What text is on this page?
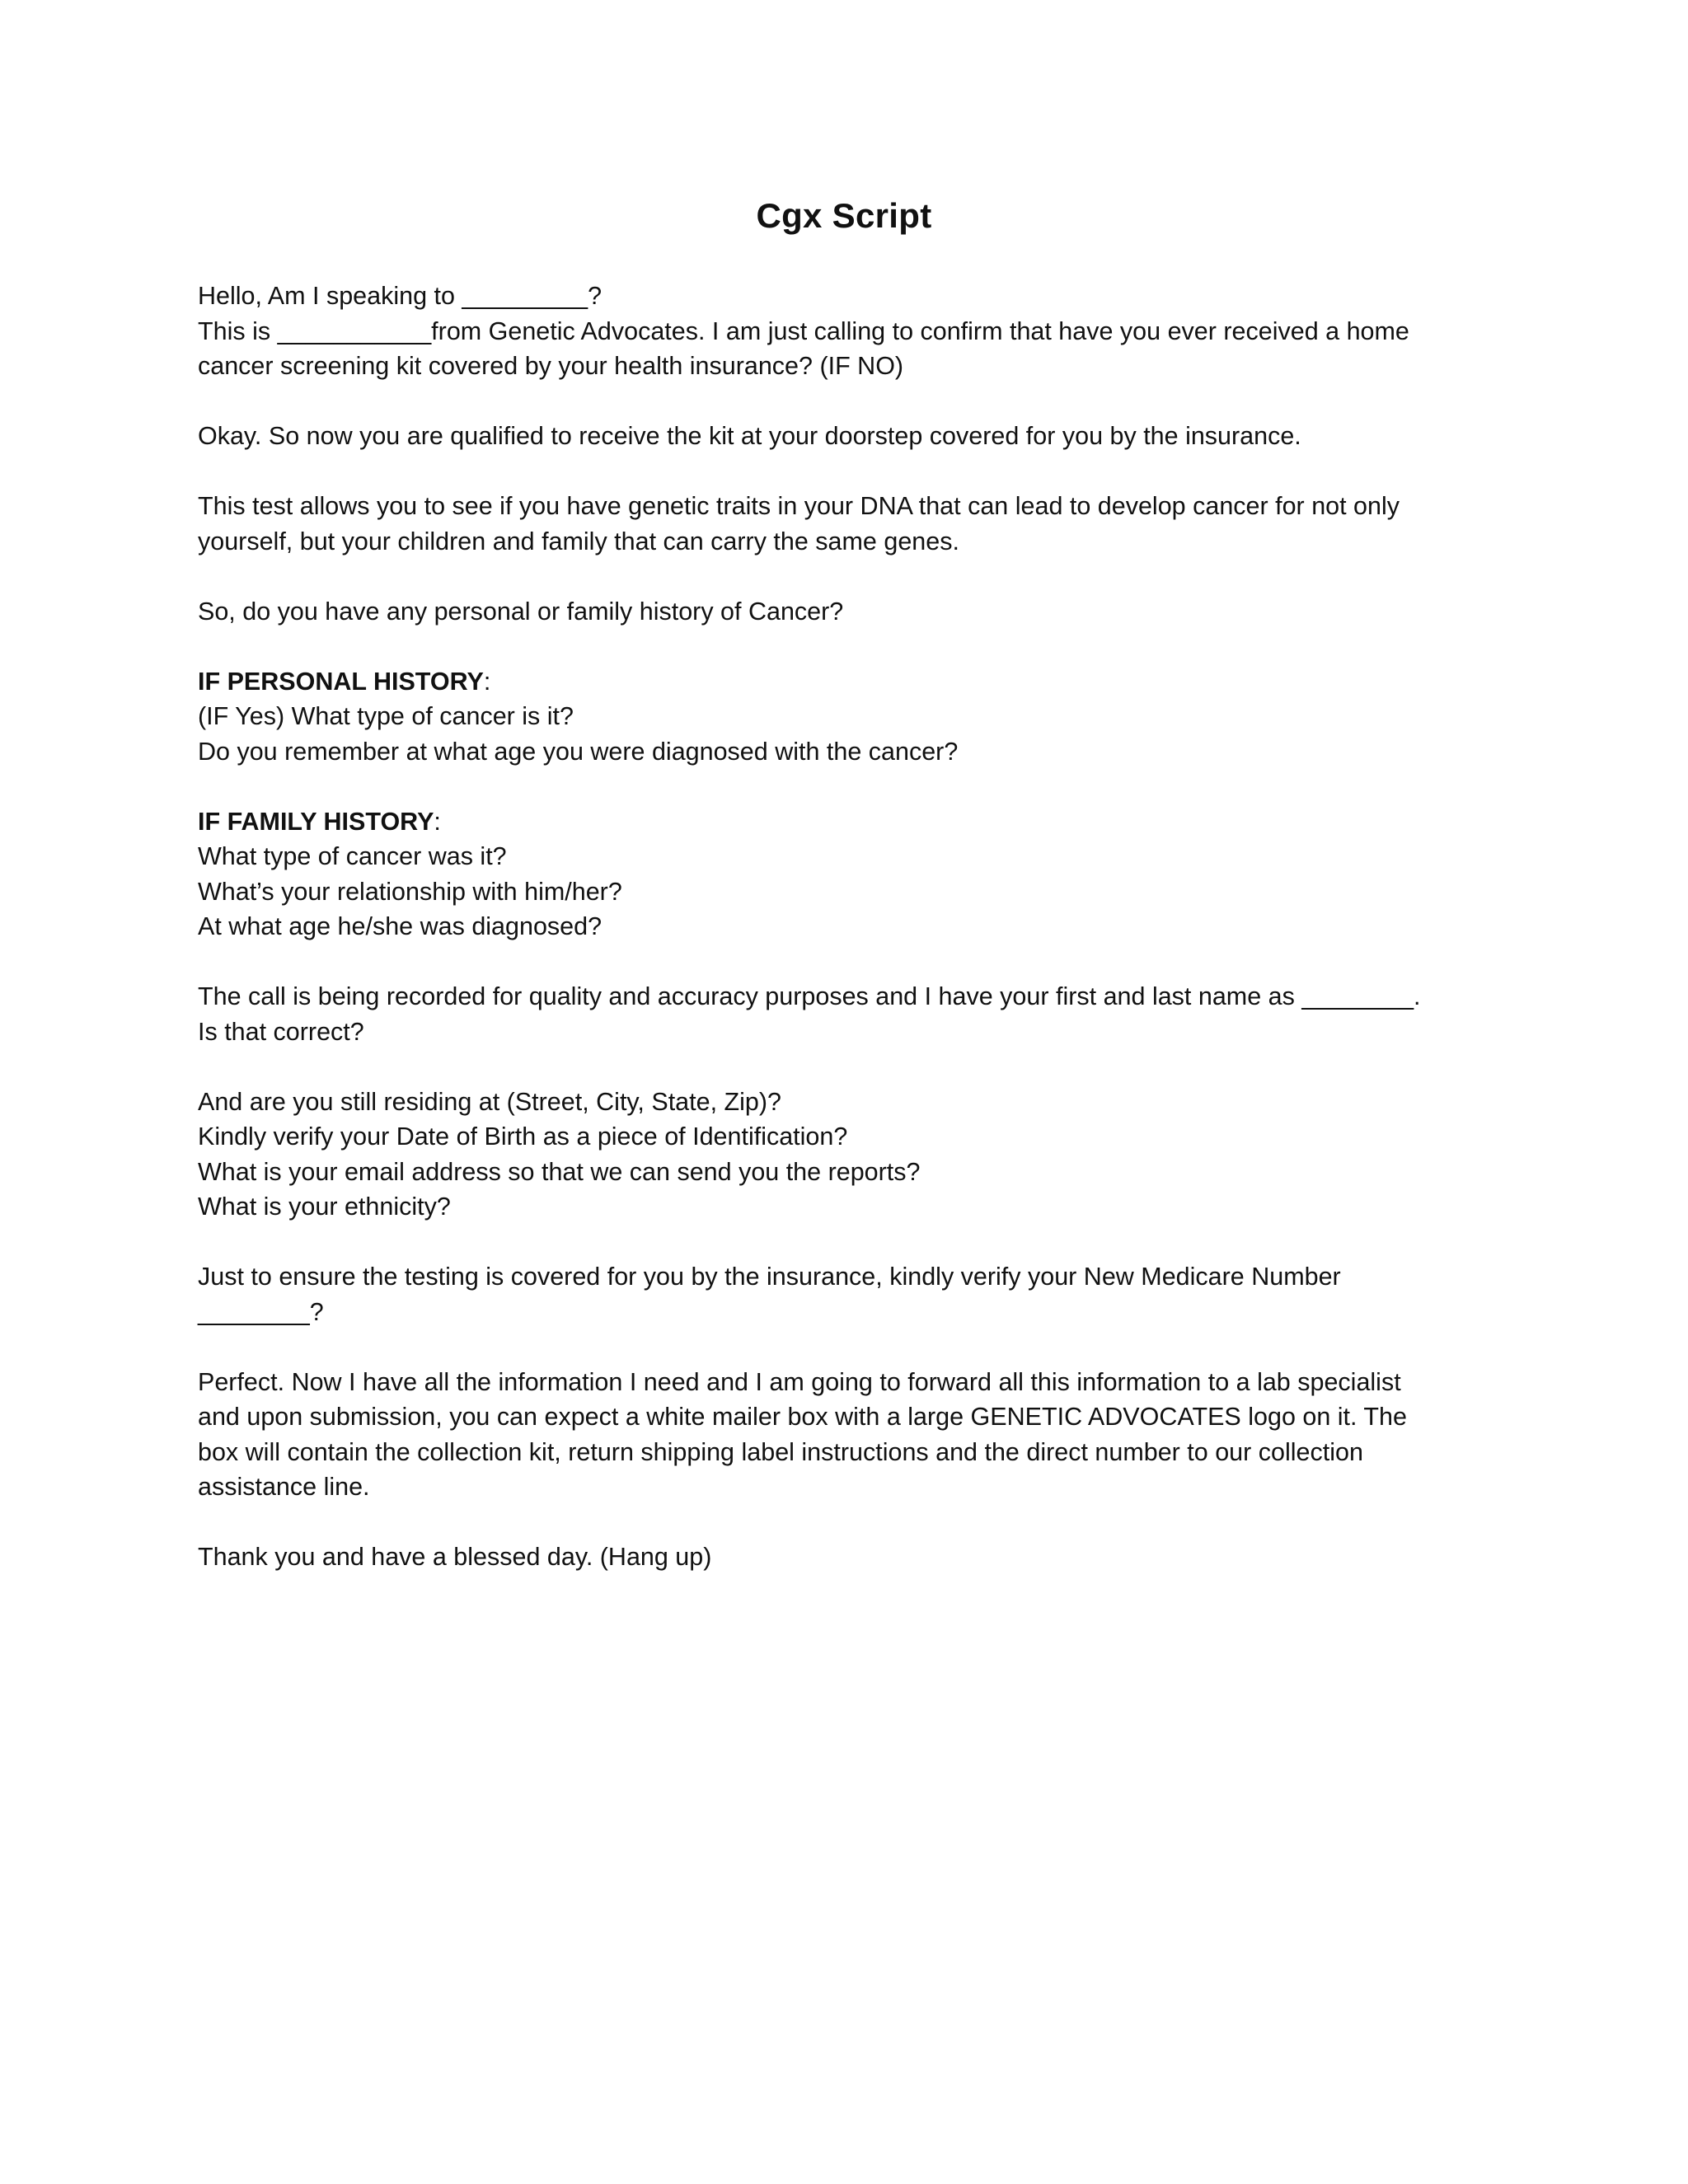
Cgx Script
Hello, Am I speaking to _________?
This is ___________from Genetic Advocates. I am just calling to confirm that have you ever received a home
cancer screening kit covered by your health insurance? (IF NO)
Okay. So now you are qualified to receive the kit at your doorstep covered for you by the insurance.
This test allows you to see if you have genetic traits in your DNA that can lead to develop cancer for not only
yourself, but your children and family that can carry the same genes.
So, do you have any personal or family history of Cancer?
IF PERSONAL HISTORY:
(IF Yes) What type of cancer is it?
Do you remember at what age you were diagnosed with the cancer?
IF FAMILY HISTORY:
What type of cancer was it?
What’s your relationship with him/her?
At what age he/she was diagnosed?
The call is being recorded for quality and accuracy purposes and I have your first and last name as ________.
Is that correct?
And are you still residing at (Street, City, State, Zip)?
Kindly verify your Date of Birth as a piece of Identification?
What is your email address so that we can send you the reports?
What is your ethnicity?
Just to ensure the testing is covered for you by the insurance, kindly verify your New Medicare Number
________?
Perfect. Now I have all the information I need and I am going to forward all this information to a lab specialist
and upon submission, you can expect a white mailer box with a large GENETIC ADVOCATES logo on it. The
box will contain the collection kit, return shipping label instructions and the direct number to our collection
assistance line.
Thank you and have a blessed day. (Hang up)
